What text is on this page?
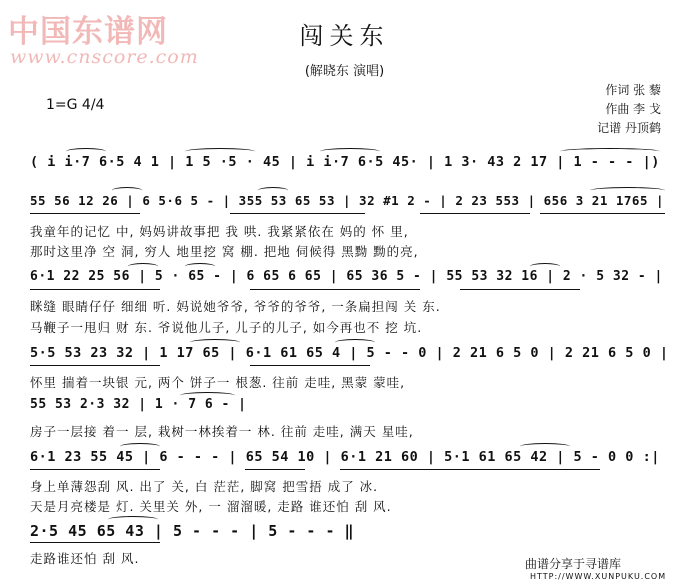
中国东谱网
www.cnscore.com
闯关东
(解晓东 演唱)
1=G 4/4
作词 张 藜
作曲 李 戈
记谱 丹顶鹤
( i i·7 6·5 4 1 | 1 5 ·5 · 45 | i i·7 6·5 45· | 1 3· 43 2 17 | 1 - - - |)
55 56 12 26 | 6 5·6 5 - | 355 53 65 53 | 32 #1 2 - | 2 23 553 | 656 3 21 1765 |
我童年的记忆 中, 妈妈讲故事把 我 哄. 我紧紧依在 妈的 怀 里,
那时这里净 空 洞, 穷人 地里挖 窝 棚. 把地 伺候得 黑黝 黝的亮,
6·1 22 25 56 | 5 · 65 - | 6 65 6 65 | 65 36 5 - | 55 53 32 16 | 2 · 5 32 - |
眯缝 眼睛仔仔 细细 听. 妈说她爷爷, 爷爷的爷爷, 一条扁担闯 关 东.
马鞭子一甩归 财 东. 爷说他儿子, 儿子的儿子, 如今再也不 挖 坑.
5·5 53 23 32 | 1 17 65 | 6·1 61 65 4 | 5 - - 0 | 2 21 6 5 0 | 2 21 6 5 0 |
怀里 揣着一块银 元, 两个 饼子一 根葱. 往前 走哇, 黑蒙 蒙哇,
55 53 2·3 32 | 1 · 7 6 - |
房子一层接 着一 层, 栽树一林挨着一 林. 往前 走哇, 满天 星哇,
6·1 23 55 45 | 6 - - - | 65 54 10 | 6·1 21 60 | 5·1 61 65 42 | 5 - 0 0 :|
身上单薄怨刮 风. 出了 关, 白 茫茫, 脚窝 把雪捂 成了 冰.
天是月亮楼是 灯. 关里关 外, 一 溜溜暖, 走路 谁还怕 刮 风.
2·5 45 65 43 | 5 - - - | 5 - - - ‖
走路谁还怕 刮 风.	曲谱分享于寻谱库
HTTP://WWW.XUNPUKU.COM
